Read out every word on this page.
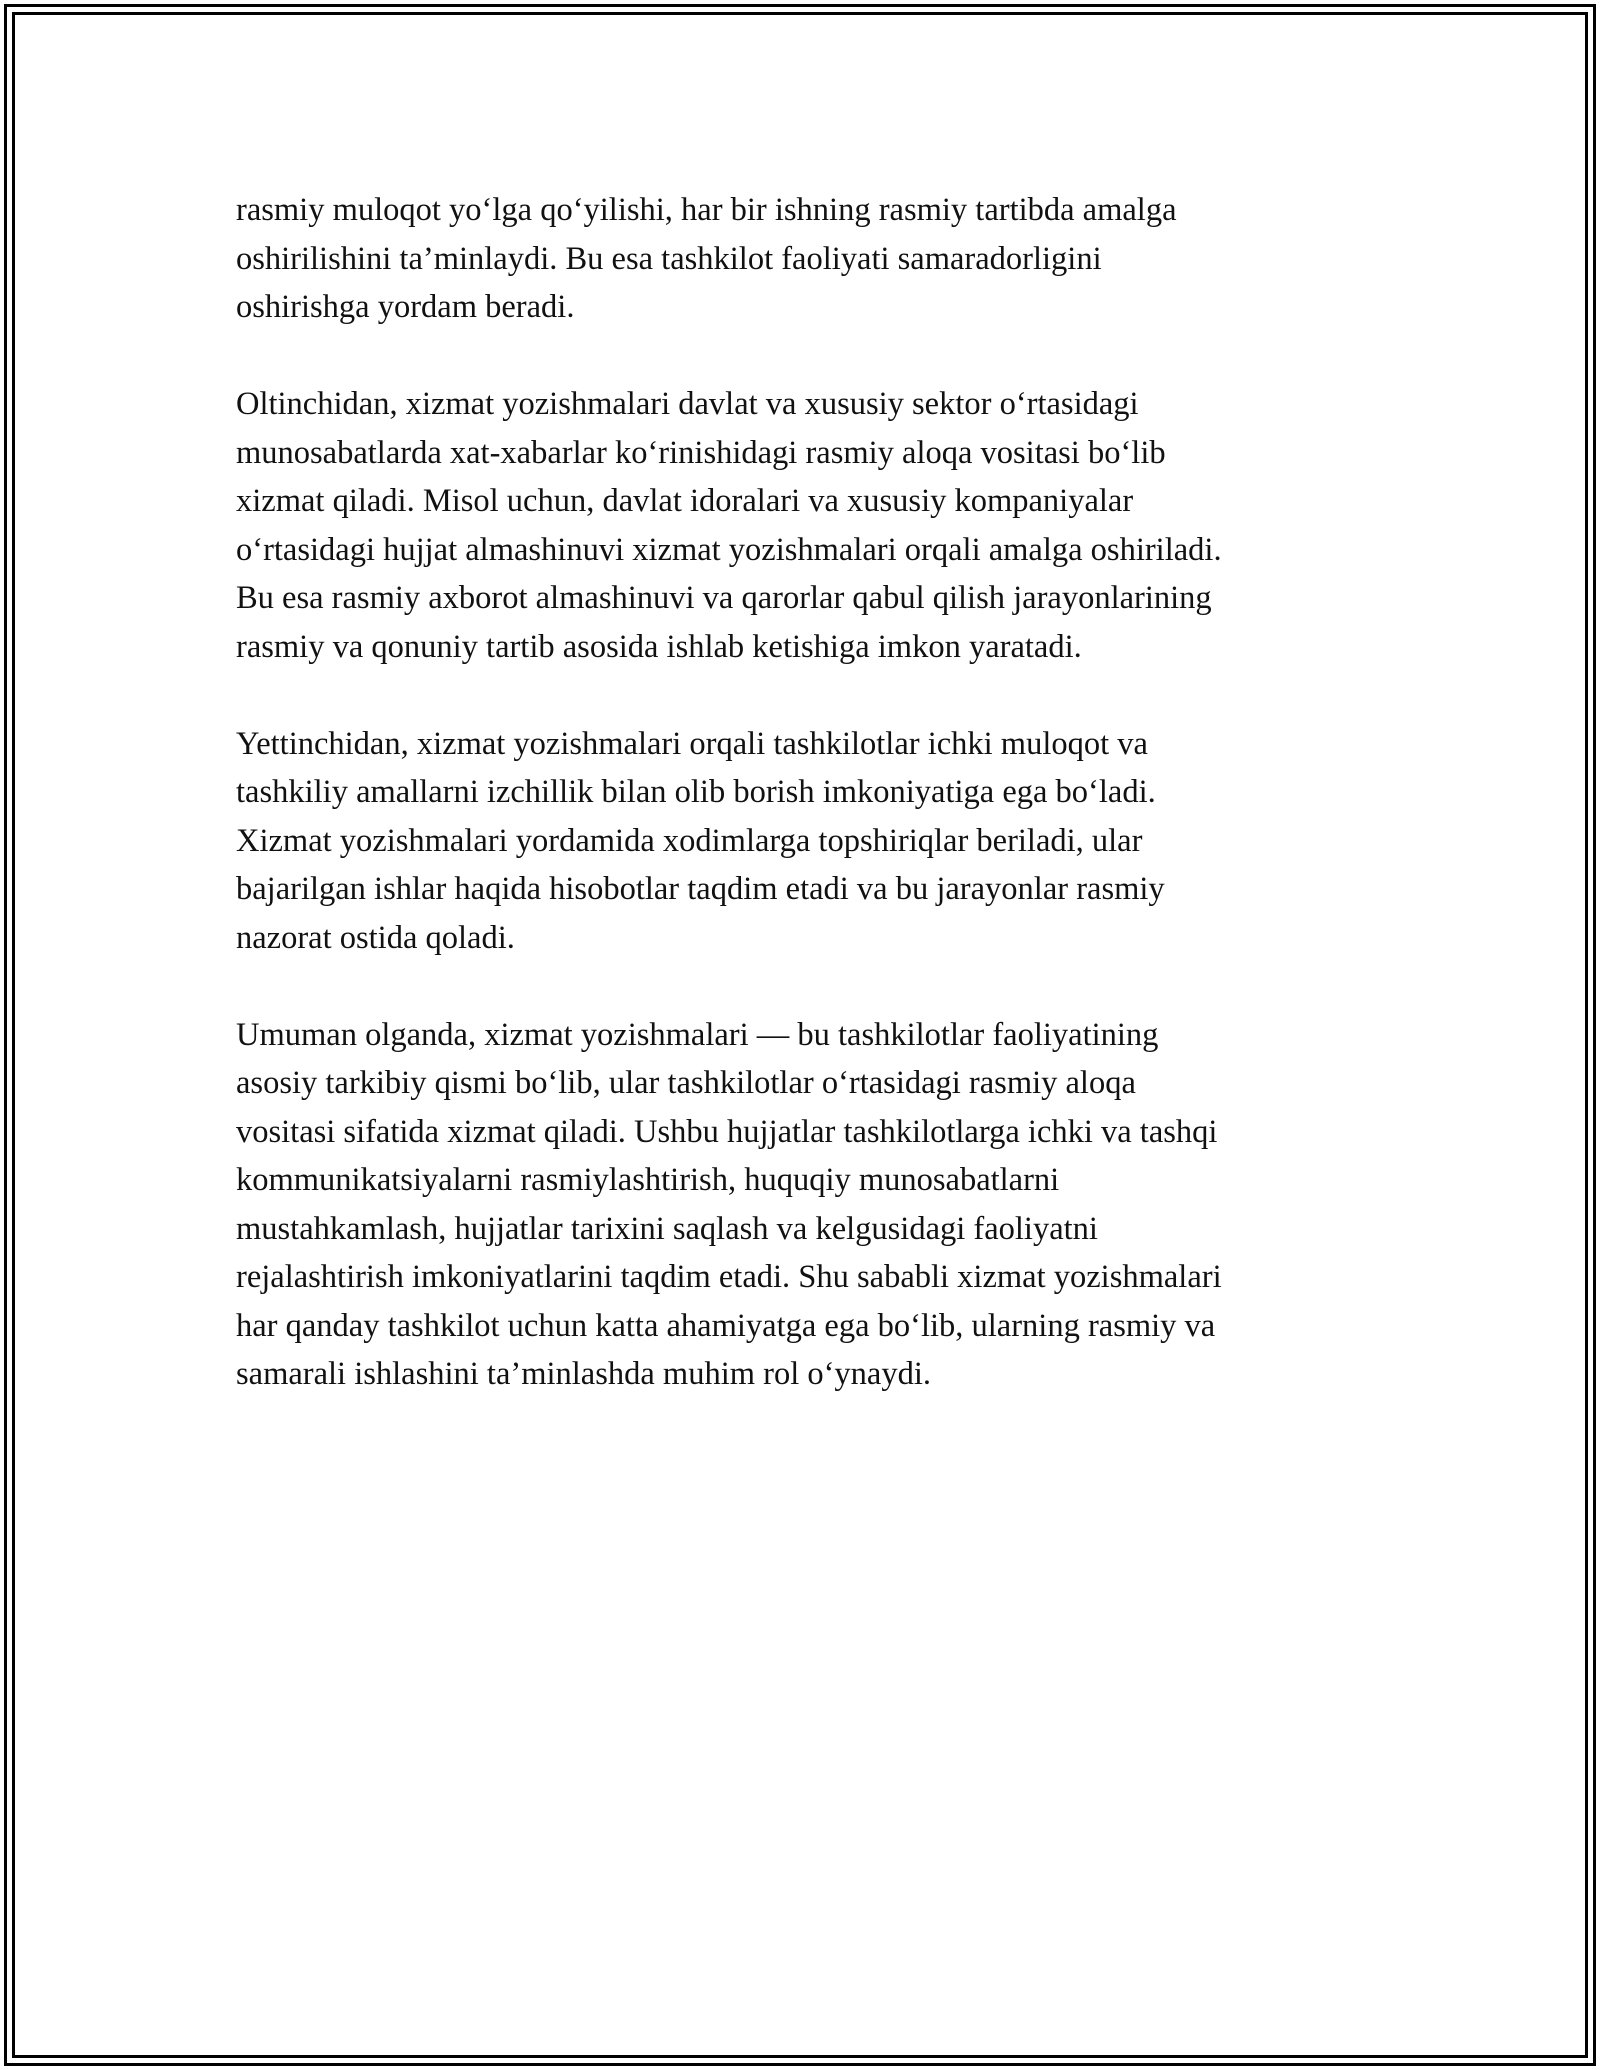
rasmiy muloqot yo‘lga qo‘yilishi, har bir ishning rasmiy tartibda amalga
oshirilishini ta’minlaydi. Bu esa tashkilot faoliyati samaradorligini
oshirishga yordam beradi.

Oltinchidan, xizmat yozishmalari davlat va xususiy sektor o‘rtasidagi
munosabatlarda xat-xabarlar ko‘rinishidagi rasmiy aloqa vositasi bo‘lib
xizmat qiladi. Misol uchun, davlat idoralari va xususiy kompaniyalar
o‘rtasidagi hujjat almashinuvi xizmat yozishmalari orqali amalga oshiriladi.
Bu esa rasmiy axborot almashinuvi va qarorlar qabul qilish jarayonlarining
rasmiy va qonuniy tartib asosida ishlab ketishiga imkon yaratadi.

Yettinchidan, xizmat yozishmalari orqali tashkilotlar ichki muloqot va
tashkiliy amallarni izchillik bilan olib borish imkoniyatiga ega bo‘ladi.
Xizmat yozishmalari yordamida xodimlarga topshiriqlar beriladi, ular
bajarilgan ishlar haqida hisobotlar taqdim etadi va bu jarayonlar rasmiy
nazorat ostida qoladi.

Umuman olganda, xizmat yozishmalari — bu tashkilotlar faoliyatining
asosiy tarkibiy qismi bo‘lib, ular tashkilotlar o‘rtasidagi rasmiy aloqa
vositasi sifatida xizmat qiladi. Ushbu hujjatlar tashkilotlarga ichki va tashqi
kommunikatsiyalarni rasmiylashtirish, huquqiy munosabatlarni
mustahkamlash, hujjatlar tarixini saqlash va kelgusidagi faoliyatni
rejalashtirish imkoniyatlarini taqdim etadi. Shu sababli xizmat yozishmalari
har qanday tashkilot uchun katta ahamiyatga ega bo‘lib, ularning rasmiy va
samarali ishlashini ta’minlashda muhim rol o‘ynaydi.
